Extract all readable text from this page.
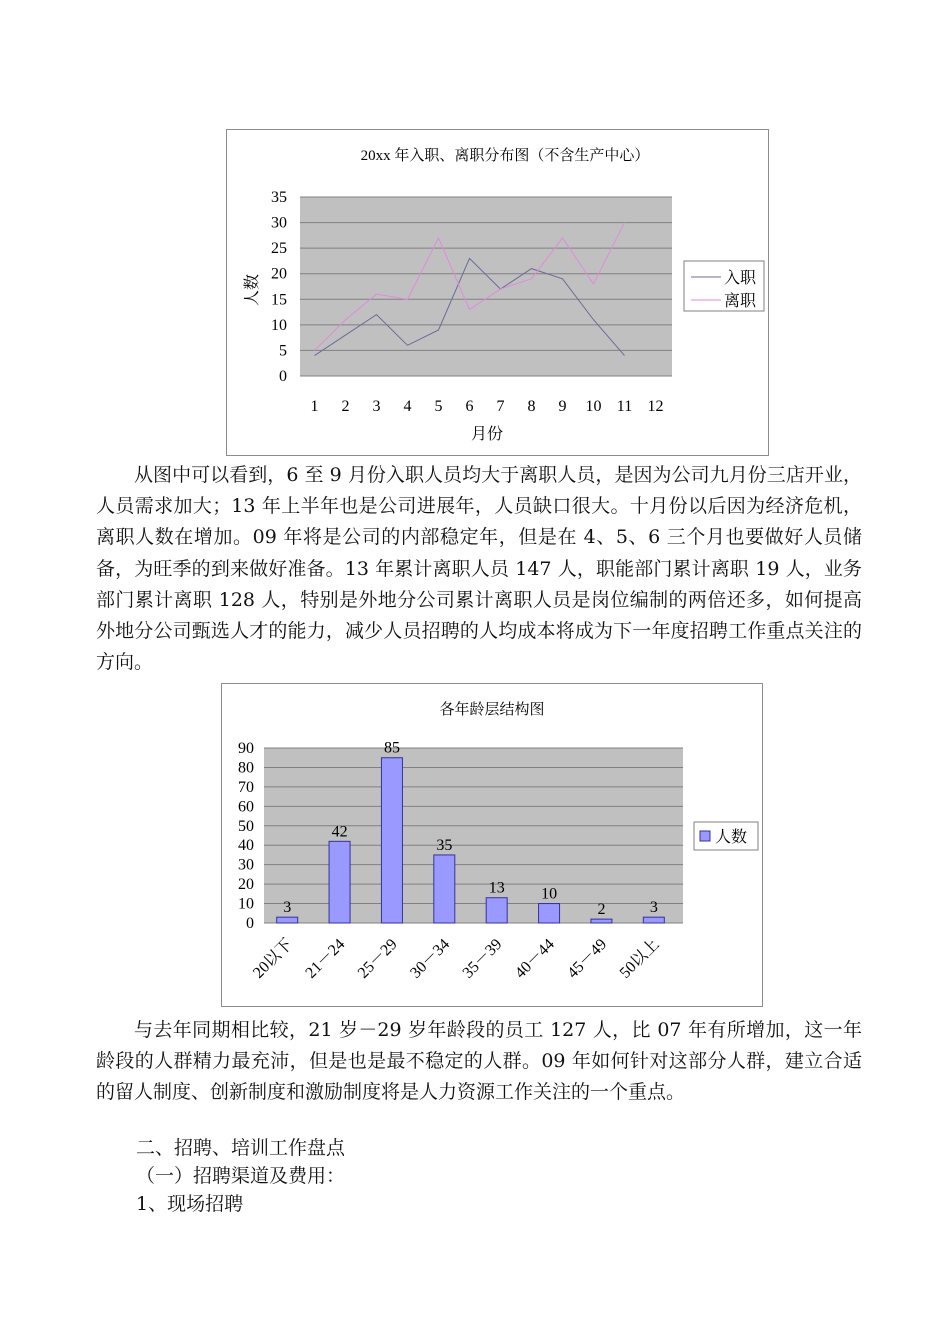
0
5
10
15
20
25
30
35
1 2 3 4 5 6 7 8 9 10 11 12
20xx 年入职、离职分布图（不含生产中心）
月份
人数	入职
离职

从图中可以看到，6 至 9 月份入职人员均大于离职人员，是因为公司九月份三店开业，人员需求加大；13 年上半年也是公司进展年，人员缺口很大。十月份以后因为经济危机，离职人数在增加。09 年将是公司的内部稳定年，但是在 4、5、6 三个月也要做好人员储备，为旺季的到来做好准备。13 年累计离职人员 147 人，职能部门累计离职 19 人，业务部门累计离职 128 人，特别是外地分公司累计离职人员是岗位编制的两倍还多，如何提高外地分公司甄选人才的能力，减少人员招聘的人均成本将成为下一年度招聘工作重点关注的方向。

3
42
85
35
13 10
2	3
0
10
20
30
40
50
60
70
80
90
20以下 21－24 25－29 30－34 35－39 40－44 45－49 50以上
各年龄层结构图
人数

与去年同期相比较，21 岁－29 岁年龄段的员工 127 人，比 07 年有所增加，这一年龄段的人群精力最充沛，但是也是最不稳定的人群。09 年如何针对这部分人群，建立合适的留人制度、创新制度和激励制度将是人力资源工作关注的一个重点。

二、招聘、培训工作盘点

（一）招聘渠道及费用：

1、现场招聘
